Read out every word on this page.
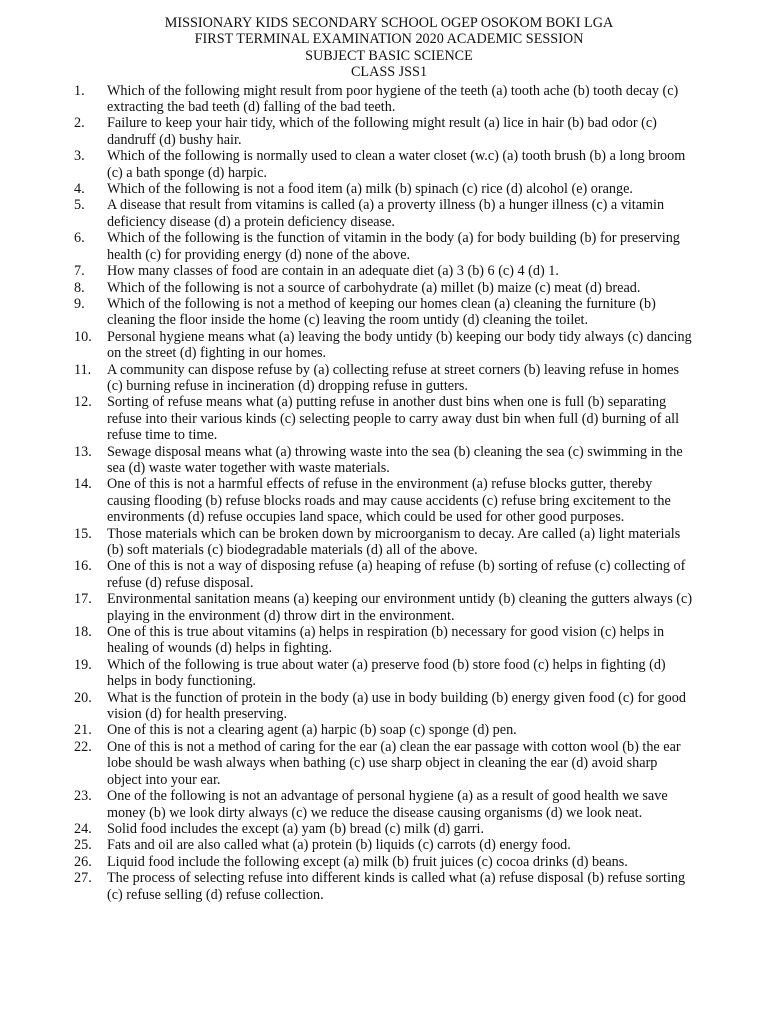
MISSIONARY KIDS SECONDARY SCHOOL OGEP OSOKOM BOKI LGA
FIRST TERMINAL EXAMINATION 2020 ACADEMIC SESSION
SUBJECT BASIC SCIENCE
CLASS JSS1
1.	Which of the following might result from poor hygiene of the teeth (a) tooth ache (b) tooth decay (c) extracting the bad teeth (d) falling of the bad teeth.
2.	Failure to keep your hair tidy, which of the following might result (a) lice in hair (b) bad odor (c) dandruff (d) bushy hair.
3.	Which of the following is normally used to clean a water closet (w.c) (a) tooth brush (b) a long broom (c) a bath sponge (d) harpic.
4.	Which of the following is not a food item (a) milk (b) spinach (c) rice (d) alcohol (e) orange.
5.	A disease that result from vitamins is called (a) a proverty illness (b) a hunger illness (c) a vitamin deficiency disease (d) a protein deficiency disease.
6.	Which of the following is the function of vitamin in the body (a) for body building (b) for preserving health (c) for providing energy (d) none of the above.
7.	How many classes of food are contain in an adequate diet (a) 3 (b) 6 (c) 4 (d) 1.
8.	Which of the following is not a source of carbohydrate (a) millet (b) maize (c) meat (d) bread.
9.	Which of the following is not a method of keeping our homes clean (a) cleaning the furniture (b) cleaning the floor inside the home (c) leaving the room untidy (d) cleaning the toilet.
10.	Personal hygiene means what (a) leaving the body untidy (b) keeping our body tidy always (c) dancing on the street (d) fighting in our homes.
11.	A community can dispose refuse by (a) collecting refuse at street corners (b) leaving refuse in homes (c) burning refuse in incineration (d) dropping refuse in gutters.
12.	Sorting of refuse means what (a) putting refuse in another dust bins when one is full (b) separating refuse into their various kinds (c) selecting people to carry away dust bin when full (d) burning of all refuse time to time.
13.	Sewage disposal means what (a) throwing waste into the sea (b) cleaning the sea (c) swimming in the sea (d) waste water together with waste materials.
14.	One of this is not a harmful effects of refuse in the environment (a) refuse blocks gutter, thereby causing flooding (b) refuse blocks roads and may cause accidents (c) refuse bring excitement to the environments (d) refuse occupies land space, which could be used for other good purposes.
15.	Those materials which can be broken down by microorganism to decay. Are called (a) light materials (b) soft materials (c) biodegradable materials (d) all of the above.
16.	One of this is not a way of disposing refuse (a) heaping of refuse (b) sorting of refuse (c) collecting of refuse (d) refuse disposal.
17.	Environmental sanitation means (a) keeping our environment untidy (b) cleaning the gutters always (c) playing in the environment (d) throw dirt in the environment.
18.	One of this is true about vitamins (a) helps in respiration (b) necessary for good vision (c) helps in healing of wounds (d) helps in fighting.
19.	Which of the following is true about water (a) preserve food (b) store food (c) helps in fighting (d) helps in body functioning.
20.	What is the function of protein in the body (a) use in body building (b) energy given food (c) for good vision (d) for health preserving.
21.	One of this is not a clearing agent (a) harpic (b) soap (c) sponge (d) pen.
22.	One of this is not a method of caring for the ear (a) clean the ear passage with cotton wool (b) the ear lobe should be wash always when bathing (c) use sharp object in cleaning the ear (d) avoid sharp object into your ear.
23.	One of the following is not an advantage of personal hygiene (a) as a result of good health we save money (b) we look dirty always (c) we reduce the disease causing organisms (d) we look neat.
24.	Solid food includes the except (a) yam (b) bread (c) milk (d) garri.
25.	Fats and oil are also called what (a) protein (b) liquids (c) carrots (d) energy food.
26.	Liquid food include the following except (a) milk (b) fruit juices (c) cocoa drinks (d) beans.
27.	The process of selecting refuse into different kinds is called what (a) refuse disposal (b) refuse sorting (c) refuse selling (d) refuse collection.
